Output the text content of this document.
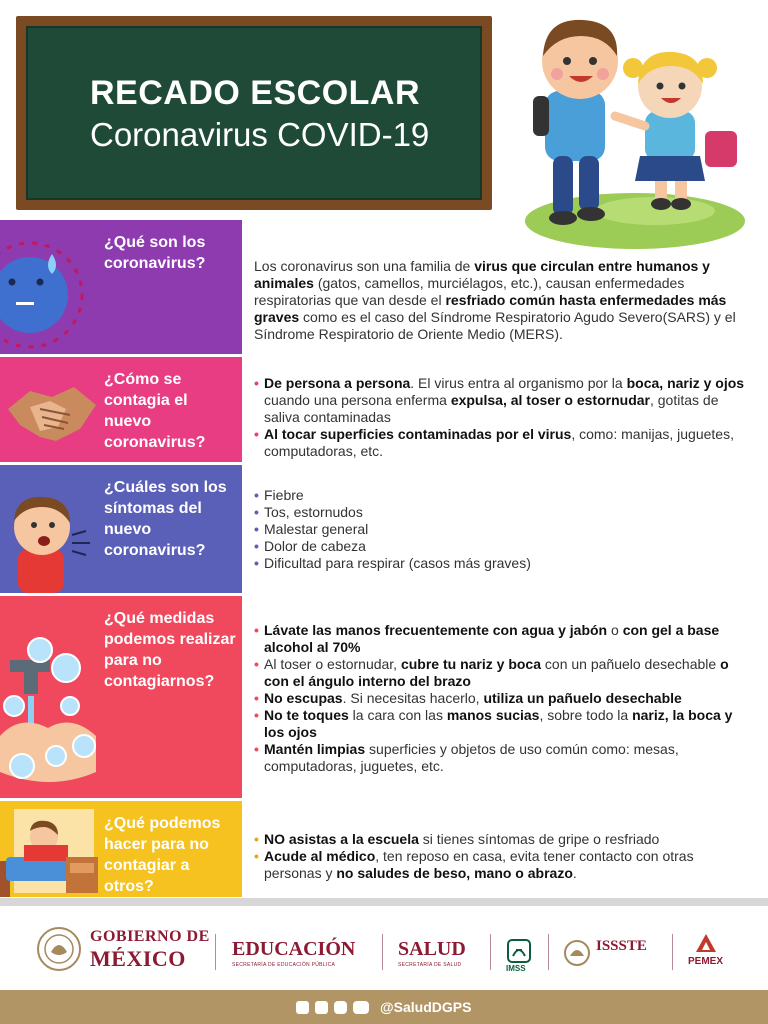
RECADO ESCOLAR
Coronavirus COVID-19
¿Qué son los coronavirus?	Los coronavirus son una familia de virus que circulan entre humanos y animales (gatos, camellos, murciélagos, etc.), causan enfermedades respiratorias que van desde el resfriado común hasta enfermedades más graves como es el caso del Síndrome Respiratorio Agudo Severo(SARS) y el Síndrome Respiratorio de Oriente Medio (MERS).

¿Cómo se contagia el nuevo coronavirus?
• De persona a persona. El virus entra al organismo por la boca, nariz y ojos cuando una persona enferma expulsa, al toser o estornudar, gotitas de saliva contaminadas
• Al tocar superficies contaminadas por el virus, como: manijas, juguetes, computadoras, etc.
¿Cuáles son los síntomas del nuevo coronavirus?
• Fiebre
• Tos, estornudos
• Malestar general
• Dolor de cabeza
• Dificultad para respirar (casos más graves)
¿Qué medidas podemos realizar para no contagiarnos?
• Lávate las manos frecuentemente con agua y jabón o con gel a base alcohol al 70%
• Al toser o estornudar, cubre tu nariz y boca con un pañuelo desechable o con el ángulo interno del brazo
• No escupas. Si necesitas hacerlo, utiliza un pañuelo desechable
• No te toques la cara con las manos sucias, sobre todo la nariz, la boca y los ojos
• Mantén limpias superficies y objetos de uso común como: mesas, computadoras, juguetes, etc.
¿Qué podemos hacer para no contagiar a otros?
• NO asistas a la escuela si tienes síntomas de gripe o resfriado
• Acude al médico, ten reposo en casa, evita tener contacto con otras personas y no saludes de beso, mano o abrazo.
GOBIERNO DE
MÉXICO EDUCACIÓN
SECRETARÍA DE EDUCACIÓN PÚBLICA
SALUD
SECRETARÍA DE SALUD	IMSS
ISSSTE
PEMEX
@SaludDGPS
